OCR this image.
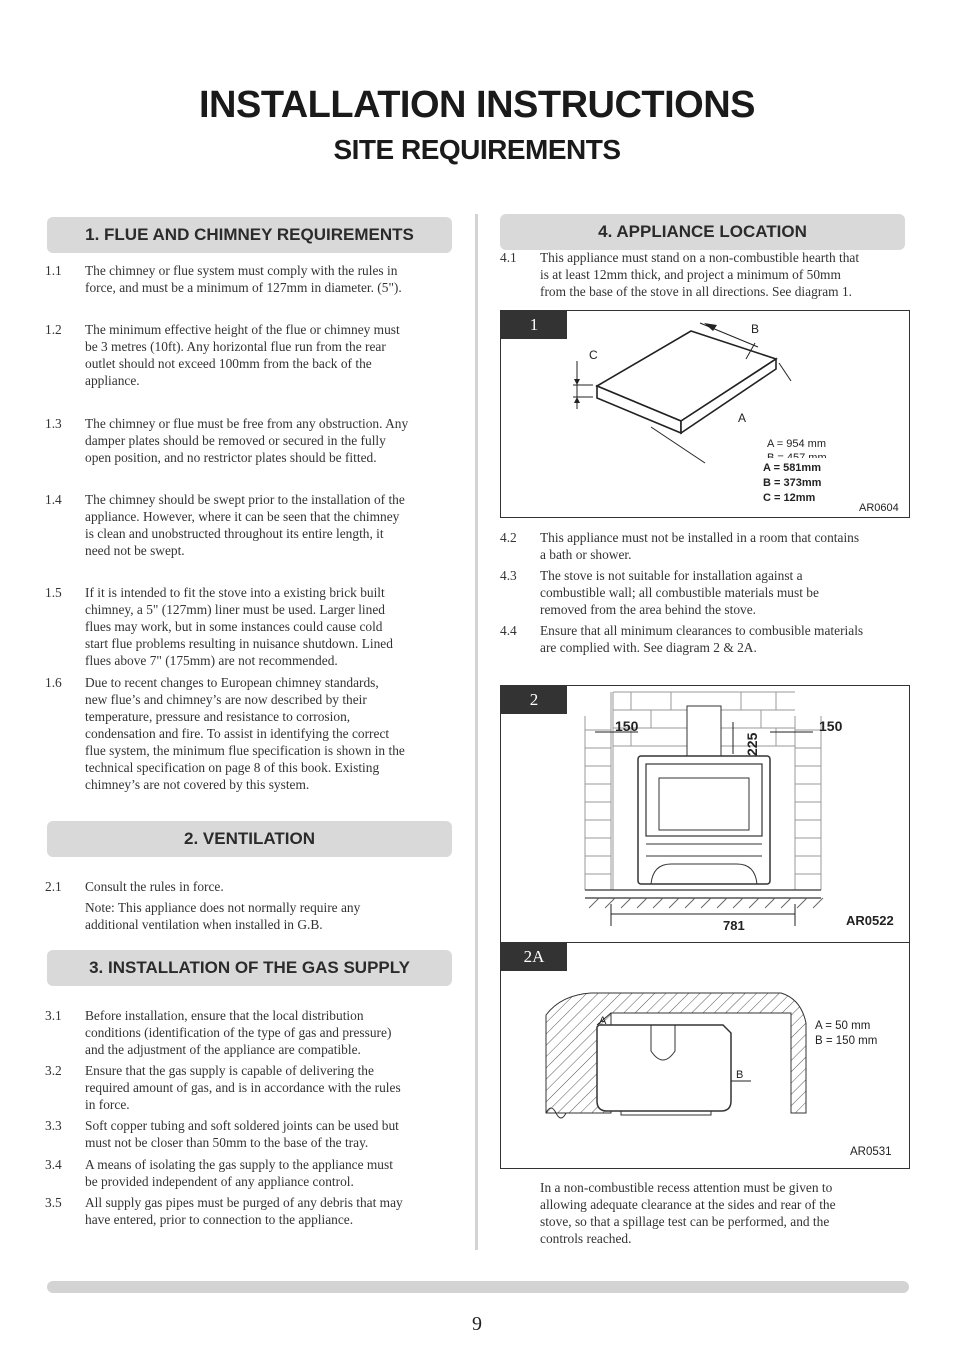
INSTALLATION INSTRUCTIONS
SITE REQUIREMENTS
1. FLUE AND CHIMNEY REQUIREMENTS
1.1 The chimney or flue system must comply with the rules in
force, and must be a minimum of 127mm in diameter. (5").
1.2 The minimum effective height of the flue or chimney must
be 3 metres (10ft). Any horizontal flue run from the rear
outlet should not exceed 100mm from the back of the
appliance.
1.3 The chimney or flue must be free from any obstruction. Any
damper plates should be removed or secured in the fully
open position, and no restrictor plates should be fitted.
1.4 The chimney should be swept prior to the installation of the
appliance. However, where it can be seen that the chimney
is clean and unobstructed throughout its entire length, it
need not be swept.
1.5 If it is intended to fit the stove into a existing brick built
chimney, a 5" (127mm) liner must be used. Larger lined
flues may work, but in some instances could cause cold
start flue problems resulting in nuisance shutdown. Lined
flues above 7" (175mm) are not recommended.
1.6 Due to recent changes to European chimney standards,
new flue’s and chimney’s are now described by their
temperature, pressure and resistance to corrosion,
condensation and fire. To assist in identifying the correct
flue system, the minimum flue specification is shown in the
technical specification on page 8 of this book. Existing
chimney’s are not covered by this system.
2. VENTILATION
2.1 Consult the rules in force.
Note: This appliance does not normally require any
additional ventilation when installed in G.B.
3. INSTALLATION OF THE GAS SUPPLY
3.1 Before installation, ensure that the local distribution
conditions (identification of the type of gas and pressure)
and the adjustment of the appliance are compatible.
3.2 Ensure that the gas supply is capable of delivering the
required amount of gas, and is in accordance with the rules
in force.
3.3 Soft copper tubing and soft soldered joints can be used but
must not be closer than 50mm to the base of the tray.
3.4 A means of isolating the gas supply to the appliance must
be provided independent of any appliance control.
3.5 All supply gas pipes must be purged of any debris that may
have entered, prior to connection to the appliance.
4. APPLIANCE LOCATION
4.1 This appliance must stand on a non-combustible hearth that
is at least 12mm thick, and project a minimum of 50mm
from the base of the stove in all directions. See diagram 1.
1	B
C
A
A = 954 mm
A = 581mm
B = 373mm
C = 12mm
AR0604
4.2 This appliance must not be installed in a room that contains
a bath or shower.
4.3 The stove is not suitable for installation against a
combustible wall; all combustible materials must be
removed from the area behind the stove.
4.4 Ensure that all minimum clearances to combusible materials
are complied with. See diagram 2 & 2A.
2
150	150
225
781	AR0522
2A
A
B
A = 50 mm
B = 150 mm
AR0531
In a non-combustible recess attention must be given to
allowing adequate clearance at the sides and rear of the
stove, so that a spillage test can be performed, and the
controls reached.
9
